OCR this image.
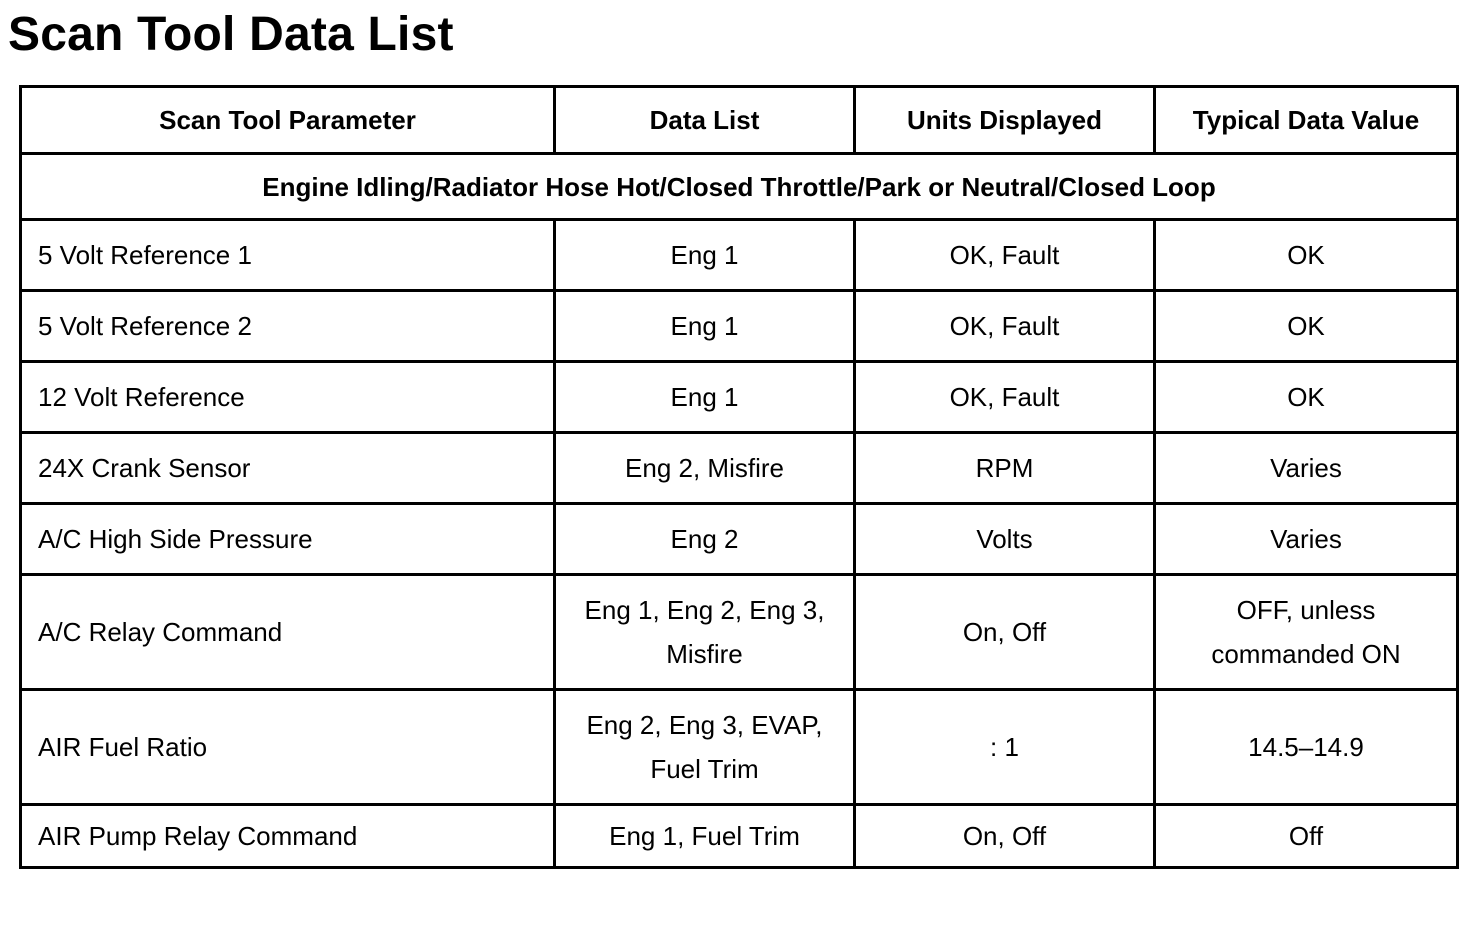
Scan Tool Data List
Scan Tool Parameter	Data List	Units Displayed	Typical Data Value
Engine Idling/Radiator Hose Hot/Closed Throttle/Park or Neutral/Closed Loop			
5 Volt Reference 1	Eng 1	OK, Fault	OK
5 Volt Reference 2	Eng 1	OK, Fault	OK
12 Volt Reference	Eng 1	OK, Fault	OK
24X Crank Sensor	Eng 2, Misfire	RPM	Varies
A/C High Side Pressure	Eng 2	Volts	Varies
A/C Relay Command	Eng 1, Eng 2, Eng 3, Misfire	On, Off	OFF, unless commanded ON
AIR Fuel Ratio	Eng 2, Eng 3, EVAP, Fuel Trim	: 1	14.5–14.9
AIR Pump Relay Command	Eng 1, Fuel Trim	On, Off	Off
